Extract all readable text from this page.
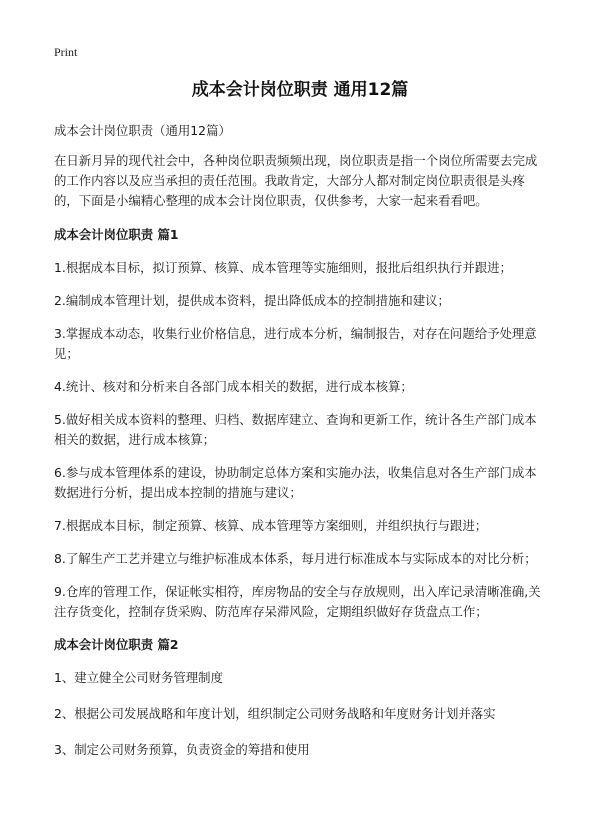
Print
成本会计岗位职责 通用12篇

成本会计岗位职责（通用12篇）

在日新月异的现代社会中，各种岗位职责频频出现，岗位职责是指一个岗位所需要去完成的工作内容以及应当承担的责任范围。我敢肯定，大部分人都对制定岗位职责很是头疼的，下面是小编精心整理的成本会计岗位职责，仅供参考，大家一起来看看吧。

成本会计岗位职责 篇1

1.根据成本目标，拟订预算、核算、成本管理等实施细则，报批后组织执行并跟进；

2.编制成本管理计划，提供成本资料，提出降低成本的控制措施和建议；

3.掌握成本动态，收集行业价格信息，进行成本分析，编制报告，对存在问题给予处理意见；

4.统计、核对和分析来自各部门成本相关的数据，进行成本核算；

5.做好相关成本资料的整理、归档、数据库建立、查询和更新工作，统计各生产部门成本相关的数据，进行成本核算；

6.参与成本管理体系的建设，协助制定总体方案和实施办法，收集信息对各生产部门成本数据进行分析，提出成本控制的措施与建议；

7.根据成本目标，制定预算、核算、成本管理等方案细则，并组织执行与跟进；

8.了解生产工艺并建立与维护标准成本体系，每月进行标准成本与实际成本的对比分析；

9.仓库的管理工作，保证帐实相符，库房物品的安全与存放规则，出入库记录清晰准确,关注存货变化，控制存货采购、防范库存呆滞风险，定期组织做好存货盘点工作；

成本会计岗位职责 篇2

1、建立健全公司财务管理制度

2、根据公司发展战略和年度计划，组织制定公司财务战略和年度财务计划并落实

3、制定公司财务预算，负责资金的筹措和使用
